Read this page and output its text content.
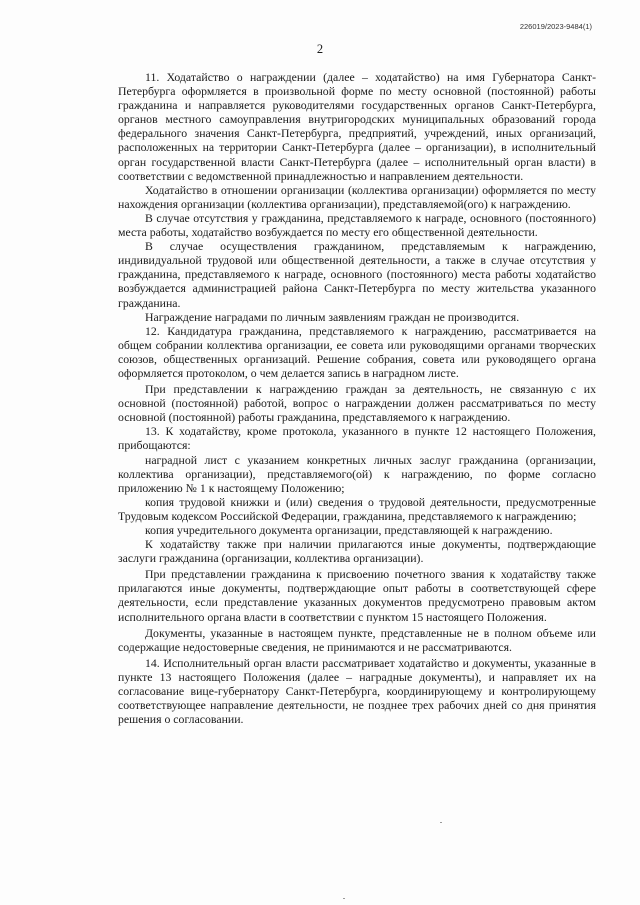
226019/2023-9484(1)
2

11. Ходатайство о награждении (далее – ходатайство) на имя Губернатора Санкт-Петербурга оформляется в произвольной форме по месту основной (постоянной) работы гражданина и направляется руководителями государственных органов Санкт-Петербурга, органов местного самоуправления внутригородских муниципальных образований города федерального значения Санкт-Петербурга, предприятий, учреждений, иных организаций, расположенных на территории Санкт-Петербурга (далее – организации), в исполнительный орган государственной власти Санкт-Петербурга (далее – исполнительный орган власти) в соответствии с ведомственной принадлежностью и направлением деятельности.

Ходатайство в отношении организации (коллектива организации) оформляется по месту нахождения организации (коллектива организации), представляемой(ого) к награждению.

В случае отсутствия у гражданина, представляемого к награде, основного (постоянного) места работы, ходатайство возбуждается по месту его общественной деятельности.

В случае осуществления гражданином, представляемым к награждению, индивидуальной трудовой или общественной деятельности, а также в случае отсутствия у гражданина, представляемого к награде, основного (постоянного) места работы ходатайство возбуждается администрацией района Санкт-Петербурга по месту жительства указанного гражданина.

Награждение наградами по личным заявлениям граждан не производится.

12. Кандидатура гражданина, представляемого к награждению, рассматривается на общем собрании коллектива организации, ее совета или руководящими органами творческих союзов, общественных организаций. Решение собрания, совета или руководящего органа оформляется протоколом, о чем делается запись в наградном листе.

При представлении к награждению граждан за деятельность, не связанную с их основной (постоянной) работой, вопрос о награждении должен рассматриваться по месту основной (постоянной) работы гражданина, представляемого к награждению.

13. К ходатайству, кроме протокола, указанного в пункте 12 настоящего Положения, прибощаются:

наградной лист с указанием конкретных личных заслуг гражданина (организации, коллектива организации), представляемого(ой) к награждению, по форме согласно приложению № 1 к настоящему Положению;

копия трудовой книжки и (или) сведения о трудовой деятельности, предусмотренные Трудовым кодексом Российской Федерации, гражданина, представляемого к награждению;

копия учредительного документа организации, представляющей к награждению.

К ходатайству также при наличии прилагаются иные документы, подтверждающие заслуги гражданина (организации, коллектива организации).

При представлении гражданина к присвоению почетного звания к ходатайству также прилагаются иные документы, подтверждающие опыт работы в соответствующей сфере деятельности, если представление указанных документов предусмотрено правовым актом исполнительного органа власти в соответствии с пунктом 15 настоящего Положения.

Документы, указанные в настоящем пункте, представленные не в полном объеме или содержащие недостоверные сведения, не принимаются и не рассматриваются.

14. Исполнительный орган власти рассматривает ходатайство и документы, указанные в пункте 13 настоящего Положения (далее – наградные документы), и направляет их на согласование вице-губернатору Санкт-Петербурга, координирующему и контролирующему соответствующее направление деятельности, не позднее трех рабочих дней со дня принятия решения о согласовании.
